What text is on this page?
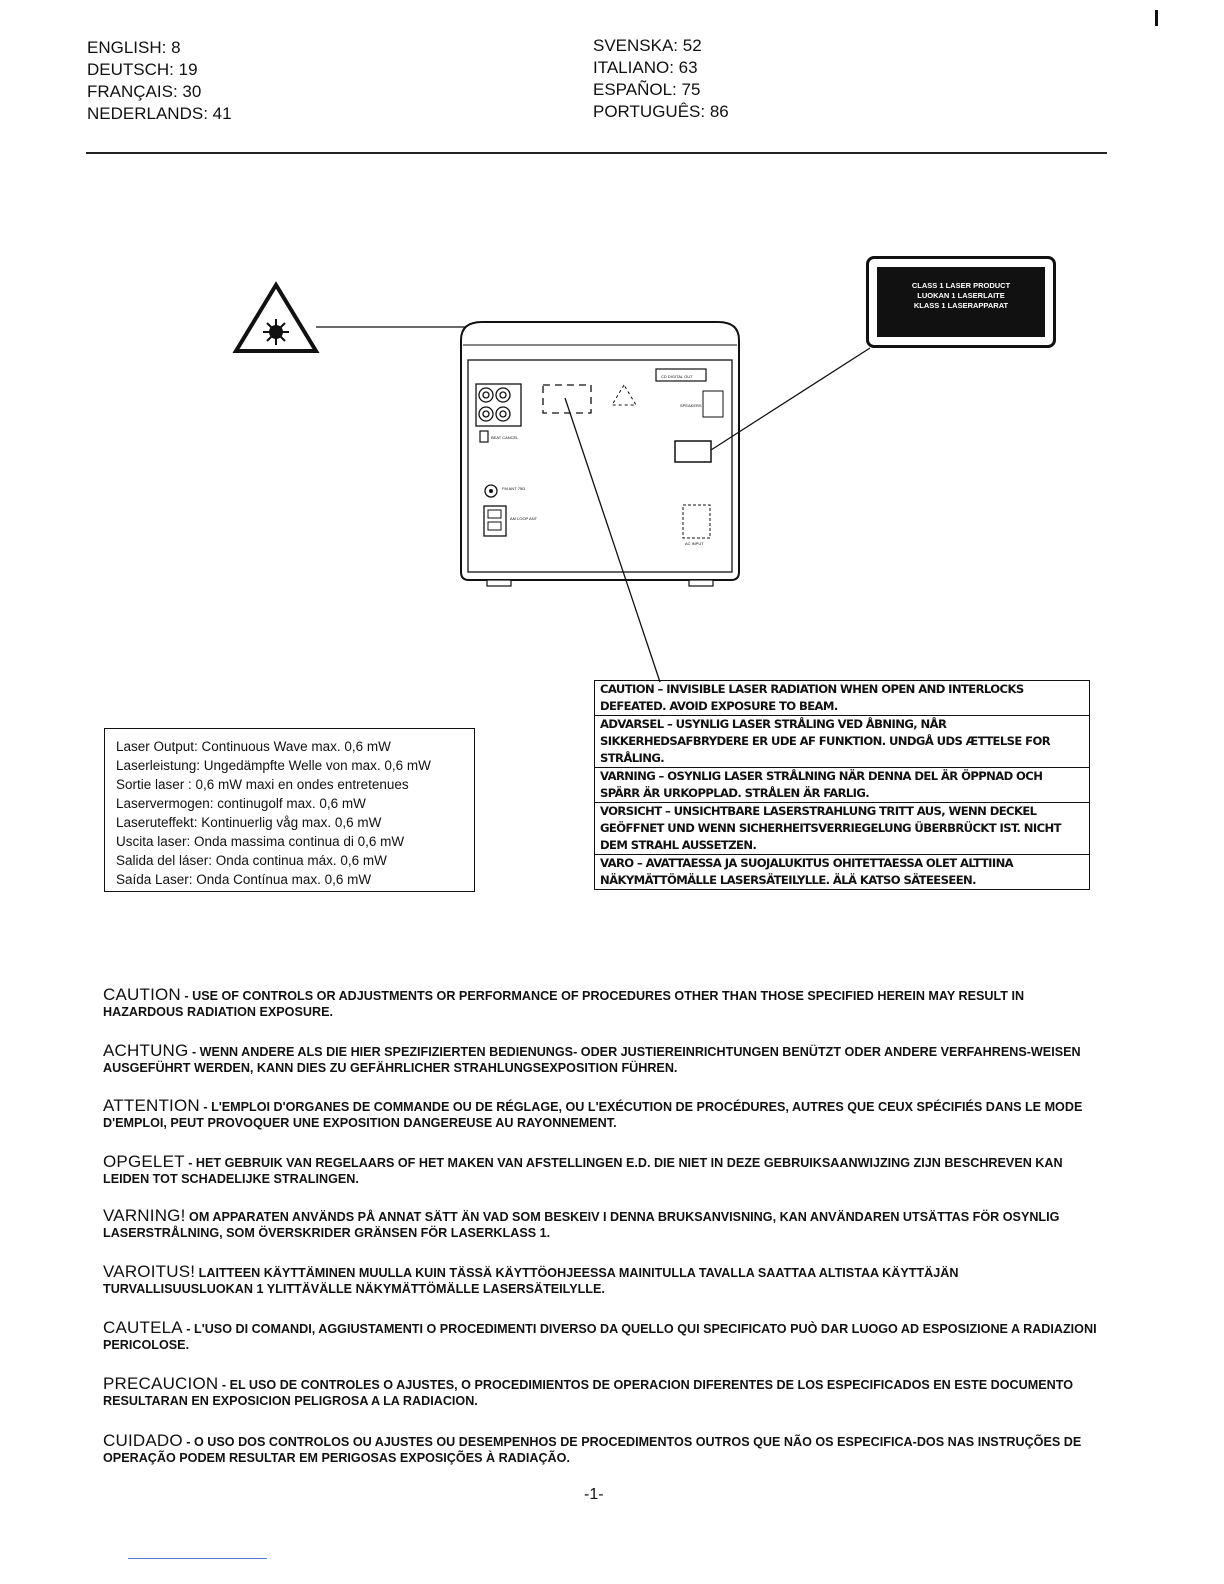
ENGLISH: 8
DEUTSCH: 19
FRANÇAIS: 30
NEDERLANDS: 41
SVENSKA: 52
ITALIANO: 63
ESPAÑOL: 75
PORTUGUÊS: 86
BEAT CANCEL
FM ANT 75Ω
AM LOOP ANT
CD DIGITAL OUT
SPEAKERS
AC INPUT
CLASS 1 LASER PRODUCT
LUOKAN 1 LASERLAITE
KLASS 1 LASERAPPARAT
Laser Output: Continuous Wave max. 0,6 mW
Laserleistung: Ungedämpfte Welle von max. 0,6 mW
Sortie laser : 0,6 mW maxi en ondes entretenues
Laservermogen: continugolf max. 0,6 mW
Laseruteffekt: Kontinuerlig våg max. 0,6 mW
Uscita laser: Onda massima continua di 0,6 mW
Salida del láser: Onda continua máx. 0,6 mW
Saída Laser: Onda Contínua max. 0,6 mW
CAUTION – INVISIBLE LASER RADIATION WHEN OPEN AND INTERLOCKS DEFEATED. AVOID EXPOSURE TO BEAM.
ADVARSEL – USYNLIG LASER STRÅLING VED ÅBNING, NÅR SIKKERHEDSAFBRYDERE ER UDE AF FUNKTION. UNDGÅ UDS ÆTTELSE FOR STRÅLING.
VARNING – OSYNLIG LASER STRÅLNING NÄR DENNA DEL ÄR ÖPPNAD OCH SPÄRR ÄR URKOPPLAD. STRÅLEN ÄR FARLIG.
VORSICHT – UNSICHTBARE LASERSTRAHLUNG TRITT AUS, WENN DECKEL GEÖFFNET UND WENN SICHERHEITSVERRIEGELUNG ÜBERBRÜCKT IST. NICHT DEM STRAHL AUSSETZEN.
VARO – AVATTAESSA JA SUOJALUKITUS OHITETTAESSA OLET ALTTIINA NÄKYMÄTTÖMÄLLE LASERSÄTEILYLLE. ÄLÄ KATSO SÄTEESEEN.
CAUTION - USE OF CONTROLS OR ADJUSTMENTS OR PERFORMANCE OF PROCEDURES OTHER THAN THOSE SPECIFIED HEREIN MAY RESULT IN HAZARDOUS RADIATION EXPOSURE.
ACHTUNG - WENN ANDERE ALS DIE HIER SPEZIFIZIERTEN BEDIENUNGS- ODER JUSTIEREINRICHTUNGEN BENÜTZT ODER ANDERE VERFAHRENS-WEISEN AUSGEFÜHRT WERDEN, KANN DIES ZU GEFÄHRLICHER STRAHLUNGSEXPOSITION FÜHREN.
ATTENTION - L'EMPLOI D'ORGANES DE COMMANDE OU DE RÉGLAGE, OU L'EXÉCUTION DE PROCÉDURES, AUTRES QUE CEUX SPÉCIFIÉS DANS LE MODE D'EMPLOI, PEUT PROVOQUER UNE EXPOSITION DANGEREUSE AU RAYONNEMENT.
OPGELET - HET GEBRUIK VAN REGELAARS OF HET MAKEN VAN AFSTELLINGEN E.D. DIE NIET IN DEZE GEBRUIKSAANWIJZING ZIJN BESCHREVEN KAN LEIDEN TOT SCHADELIJKE STRALINGEN.
VARNING! OM APPARATEN ANVÄNDS PÅ ANNAT SÄTT ÄN VAD SOM BESKEIV I DENNA BRUKSANVISNING, KAN ANVÄNDAREN UTSÄTTAS FÖR OSYNLIG LASERSTRÅLNING, SOM ÖVERSKRIDER GRÄNSEN FÖR LASERKLASS 1.
VAROITUS! LAITTEEN KÄYTTÄMINEN MUULLA KUIN TÄSSÄ KÄYTTÖOHJEESSA MAINITULLA TAVALLA SAATTAA ALTISTAA KÄYTTÄJÄN TURVALLISUUSLUOKAN 1 YLITTÄVÄLLE NÄKYMÄTTÖMÄLLE LASERSÄTEILYLLE.
CAUTELA - L'USO DI COMANDI, AGGIUSTAMENTI O PROCEDIMENTI DIVERSO DA QUELLO QUI SPECIFICATO PUÒ DAR LUOGO AD ESPOSIZIONE A RADIAZIONI PERICOLOSE.
PRECAUCION - EL USO DE CONTROLES O AJUSTES, O PROCEDIMIENTOS DE OPERACION DIFERENTES DE LOS ESPECIFICADOS EN ESTE DOCUMENTO RESULTARAN EN EXPOSICION PELIGROSA A LA RADIACION.
CUIDADO - O USO DOS CONTROLOS OU AJUSTES OU DESEMPENHOS DE PROCEDIMENTOS OUTROS QUE NÃO OS ESPECIFICA-DOS NAS INSTRUÇÕES DE OPERAÇÃO PODEM RESULTAR EM PERIGOSAS EXPOSIÇÕES À RADIAÇÃO.
-1-
